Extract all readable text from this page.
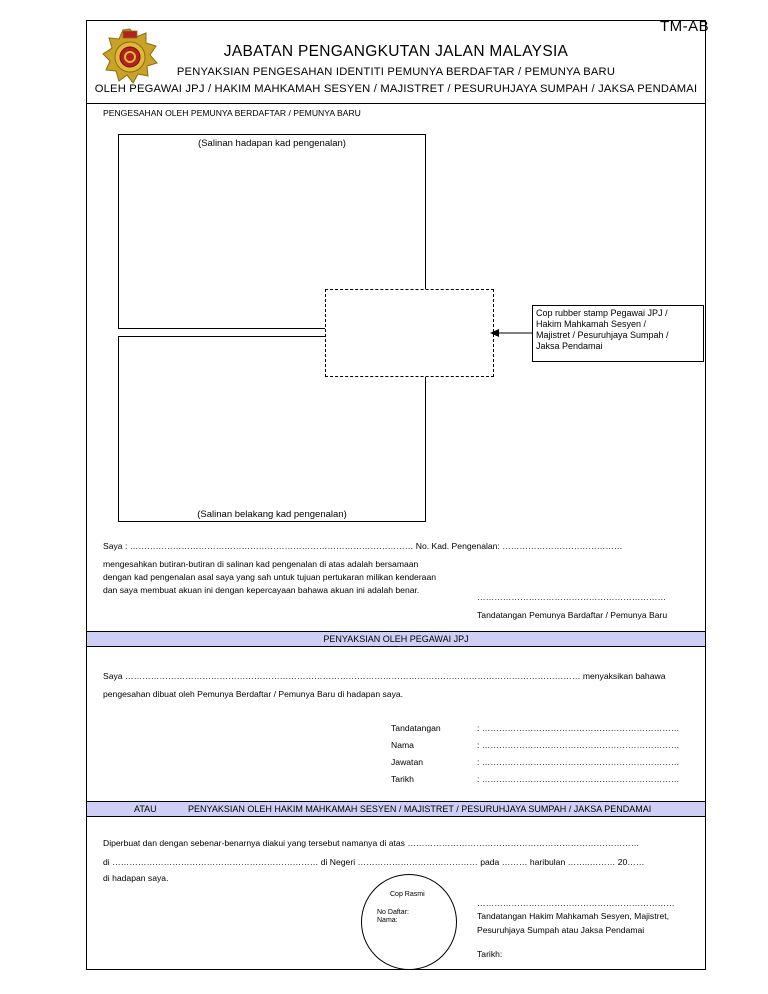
TM-AB
JABATAN PENGANGKUTAN JALAN MALAYSIA
PENYAKSIAN PENGESAHAN IDENTITI PEMUNYA BERDAFTAR / PEMUNYA BARU
OLEH PEGAWAI JPJ / HAKIM MAHKAMAH SESYEN / MAJISTRET / PESURUHJAYA SUMPAH / JAKSA PENDAMAI
PENGESAHAN OLEH PEMUNYA BERDAFTAR / PEMUNYA BARU
(Salinan hadapan kad pengenalan)
(Salinan belakang kad pengenalan)
Cop rubber stamp Pegawai JPJ /
Hakim Mahkamah Sesyen /
Majistret / Pesuruhjaya Sumpah /
Jaksa Pendamai
Saya : ……………………………………………………………………………………… No. Kad. Pengenalan: ……………………………………
mengesahkan butiran-butiran di salinan kad pengenalan di atas adalah bersamaan
dengan kad pengenalan asal saya yang sah untuk tujuan pertukaran milikan kenderaan
dan saya membuat akuan ini dengan kepercayaan bahawa akuan ini adalah benar.
…………………………………………………………
Tandatangan Pemunya Bardaftar / Pemunya Baru
PENYAKSIAN OLEH PEGAWAI JPJ
Saya …………………………………………………………………………………………………………………………………………… menyaksikan bahawa
pengesahan dibuat oleh Pemunya Berdaftar / Pemunya Baru di hadapan saya.
Tandatangan	: ……………………………………………………………
Nama	: ……………………………………………………………
Jawatan	: ……………………………………………………………
Tarikh	: ……………………………………………………………
ATAU	PENYAKSIAN OLEH HAKIM MAHKAMAH SESYEN / MAJISTRET / PESURUHJAYA SUMPAH / JAKSA PENDAMAI
Diperbuat dan dengan sebenar-benarnya diakui yang tersebut namanya di atas ………………………………………………………………………
di ……………………………………………………………… di Negeri …………………………………… pada ……… haribulan ……..……… 20……
di hadapan saya.
Cop Rasmi
No Daftar:
Nama:
……………………………………………………………
Tandatangan Hakim Mahkamah Sesyen, Majistret,
Pesuruhjaya Sumpah atau Jaksa Pendamai
Tarikh:
